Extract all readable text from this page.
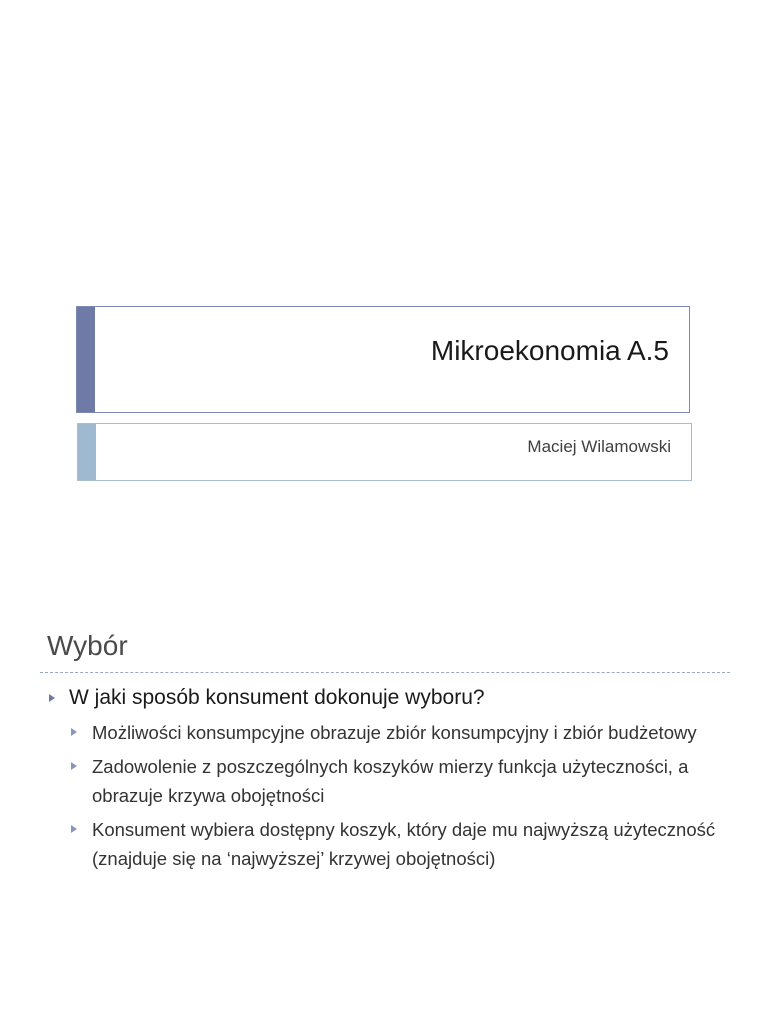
Mikroekonomia A.5
Maciej Wilamowski
Wybór
W jaki sposób konsument dokonuje wyboru?
Możliwości konsumpcyjne obrazuje zbiór konsumpcyjny i zbiór budżetowy
Zadowolenie z poszczególnych koszyków mierzy funkcja użyteczności, a obrazuje krzywa obojętności
Konsument wybiera dostępny koszyk, który daje mu najwyższą użyteczność (znajduje się na ‘najwyższej’ krzywej obojętności)
